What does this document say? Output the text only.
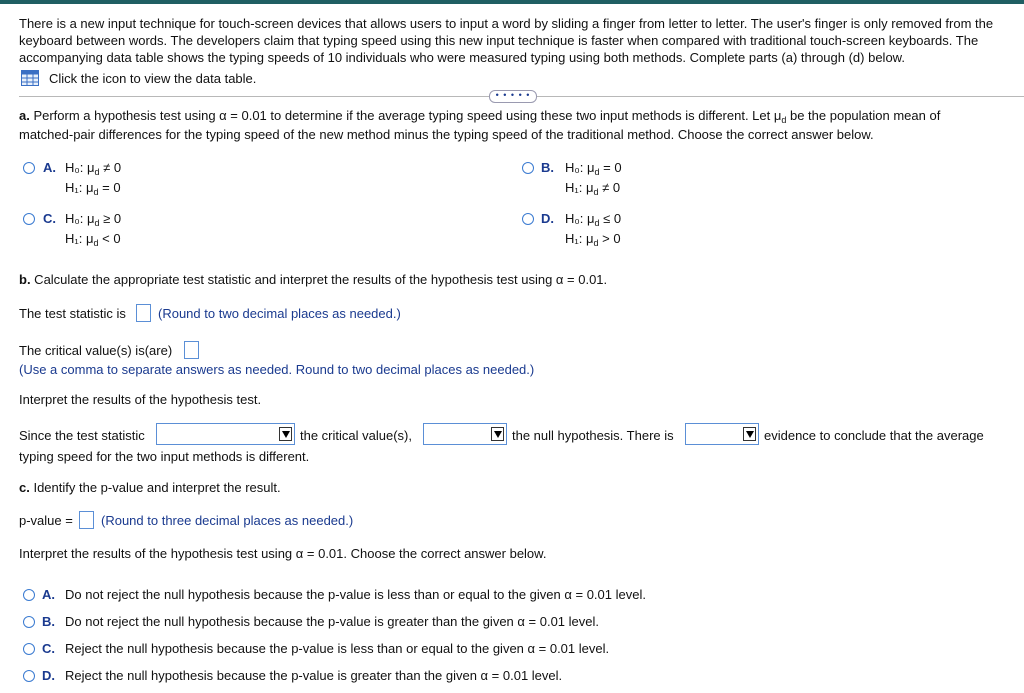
There is a new input technique for touch-screen devices that allows users to input a word by sliding a finger from letter to letter. The user's finger is only removed from the keyboard between words. The developers claim that typing speed using this new input technique is faster when compared with traditional touch-screen keyboards. The accompanying data table shows the typing speeds of 10 individuals who were measured typing using both methods. Complete parts (a) through (d) below.
Click the icon to view the data table.
• • • • •
a. Perform a hypothesis test using α = 0.01 to determine if the average typing speed using these two input methods is different. Let $\mu_d$ be the population mean of
matched-pair differences for the typing speed of the new method minus the typing speed of the traditional method. Choose the correct answer below.
A. H₀: $\mu_d \ne 0$
H₁: $\mu_d = 0$
B. H₀: $\mu_d = 0$
H₁: $\mu_d \ne 0$
C. H₀: $\mu_d \ge 0$
H₁: $\mu_d < 0$
D. H₀: $\mu_d \le 0$
H₁: $\mu_d > 0$
b. Calculate the appropriate test statistic and interpret the results of the hypothesis test using α = 0.01.
The test statistic is (Round to two decimal places as needed.)
The critical value(s) is(are)
(Use a comma to separate answers as needed. Round to two decimal places as needed.)
Interpret the results of the hypothesis test.
Since the test statistic	the critical value(s),	the null hypothesis. There is	evidence to conclude that the average
typing speed for the two input methods is different.
c. Identify the p-value and interpret the result.
p-value = (Round to three decimal places as needed.)
Interpret the results of the hypothesis test using α = 0.01. Choose the correct answer below.
A. Do not reject the null hypothesis because the p-value is less than or equal to the given α = 0.01 level.
B. Do not reject the null hypothesis because the p-value is greater than the given α = 0.01 level.
C. Reject the null hypothesis because the p-value is less than or equal to the given α = 0.01 level.
D. Reject the null hypothesis because the p-value is greater than the given α = 0.01 level.
